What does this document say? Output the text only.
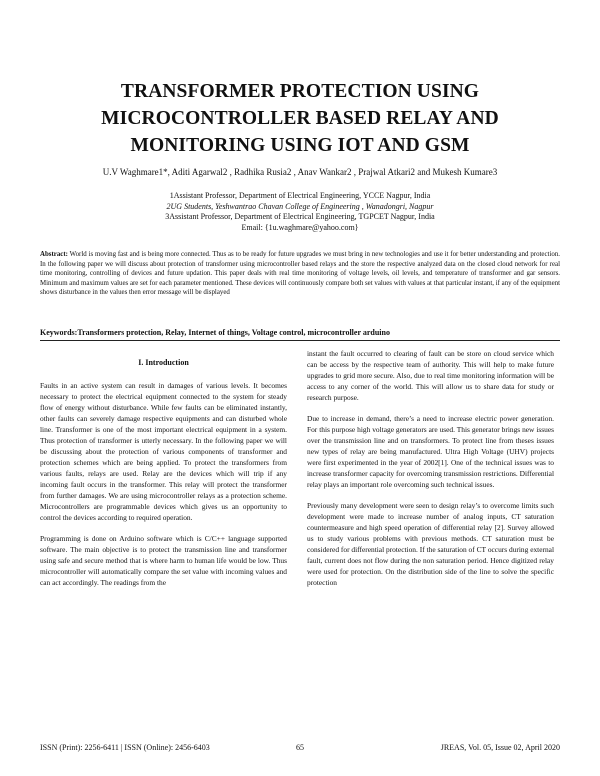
TRANSFORMER PROTECTION USING
MICROCONTROLLER BASED RELAY AND
MONITORING USING IOT AND GSM
U.V Waghmare1*, Aditi Agarwal2 , Radhika Rusia2 , Anav Wankar2 , Prajwal Atkari2 and Mukesh Kumare3
1Assistant Professor, Department of Electrical Engineering, YCCE Nagpur, India
2UG Students, Yeshwantrao Chavan College of Engineering , Wanadongri, Nagpur
3Assistant Professor, Department of Electrical Engineering, TGPCET Nagpur, India
Email: {1u.waghmare@yahoo.com}
Abstract: World is moving fast and is being more connected. Thus as to be ready for future upgrades we must bring in new technologies and use it for better understanding and protection. In the following paper we will discuss about protection of transformer using microcontroller based relays and the store the respective analyzed data on the closed cloud network for real time monitoring, controlling of devices and future updation. This paper deals with real time monitoring of voltage levels, oil levels, and temperature of transformer and gar sensors. Minimum and maximum values are set for each parameter mentioned. These devices will continuously compare both set values with values at that particular instant, if any of the equipment shows disturbance in the values then error message will be displayed
Keywords:Transformers protection, Relay, Internet of things, Voltage control, microcontroller arduino
I. Introduction

Faults in an active system can result in damages of various levels. It becomes necessary to protect the electrical equipment connected to the system for steady flow of energy without disturbance. While few faults can be eliminated instantly, other faults can severely damage respective equipments and can disturbed whole line. Transformer is one of the most important electrical equipment in a system. Thus protection of transformer is utterly necessary. In the following paper we will be discussing about the protection of various components of transformer and protection schemes which are being applied. To protect the transformers from various faults, relays are used. Relay are the devices which will trip if any incoming fault occurs in the transformer. This relay will protect the transformer from further damages. We are using microcontroller relays as a protection scheme. Microcontrollers are programmable devices which gives us an opportunity to control the devices according to required operation.

Programming is done on Arduino software which is C/C++ language supported software. The main objective is to protect the transmission line and transformer using safe and secure method that is where harm to human life would be low. Thus microcontroller will automatically compare the set value with incoming values and can act accordingly. The readings from the

instant the fault occurred to clearing of fault can be store on cloud service which can be access by the respective team of authority. This will help to make future upgrades to grid more secure. Also, due to real time monitoring information will be access to any corner of the world. This will allow us to share data for study or research purpose.

Due to increase in demand, there’s a need to increase electric power generation. For this purpose high voltage generators are used. This generator brings new issues over the transmission line and on transformers. To protect line from theses issues new types of relay are being manufactured. Ultra High Voltage (UHV) projects were first experimented in the year of 2002[1]. One of the technical issues was to increase transformer capacity for overcoming transmission restrictions. Differential relay plays an important role overcoming such technical issues.

Previously many development were seen to design relay’s to overcome limits such development were made to increase number of analog inputs, CT saturation countermeasure and high speed operation of differential relay [2]. Survey allowed us to study various problems with previous methods. CT saturation must be considered for differential protection. If the saturation of CT occurs during external fault, current does not flow during the non saturation period. Hence digitized relay were used for protection. On the distribution side of the line to solve the specific protection

ISSN (Print): 2256-6411 | ISSN (Online): 2456-6403	65	JREAS, Vol. 05, Issue 02, April 2020
